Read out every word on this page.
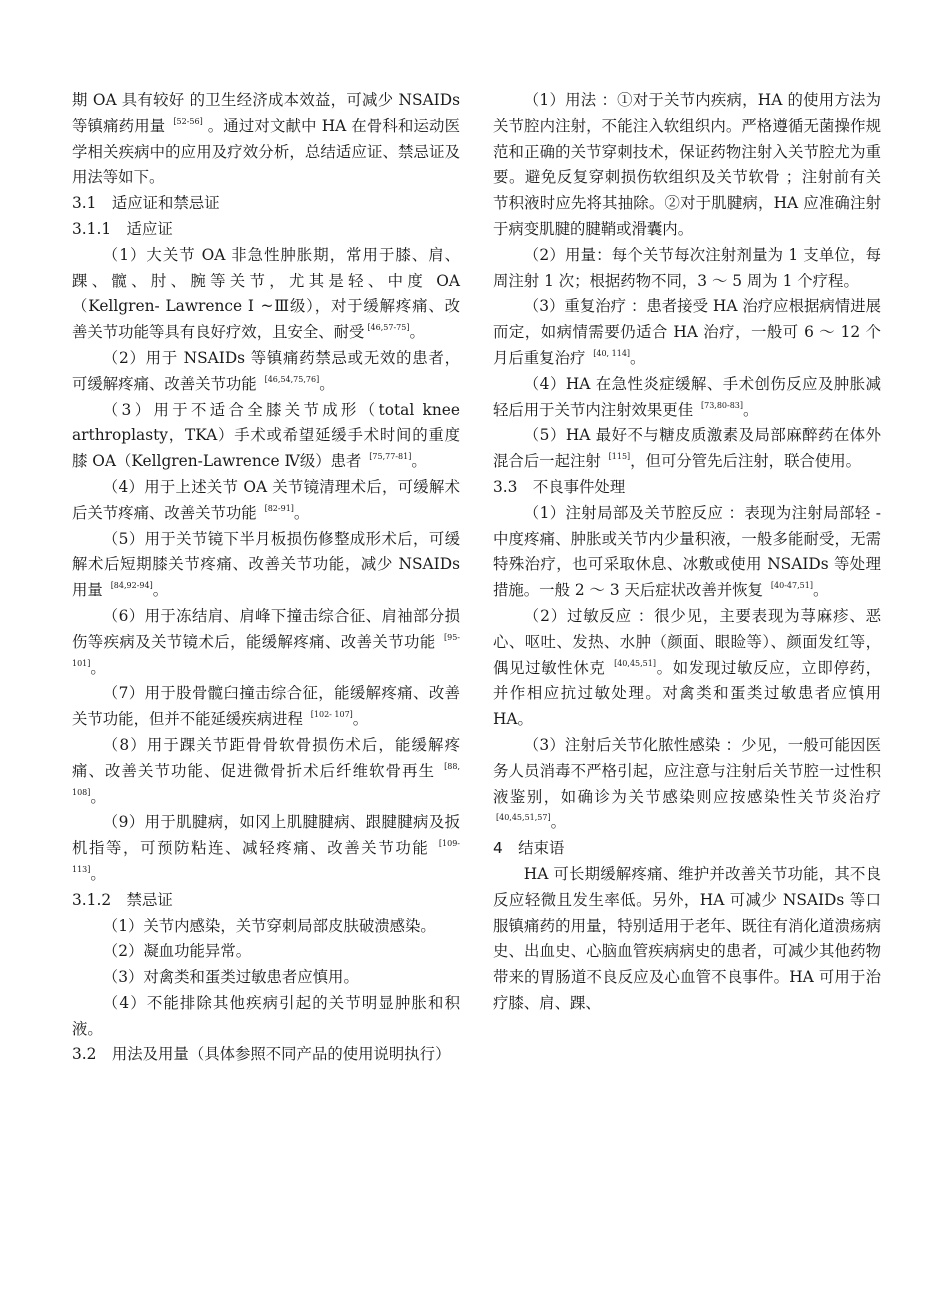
期 OA 具有较好 的卫生经济成本效益，可减少 NSAIDs 等镇痛药用量 [52-56] 。通过对文献中 HA 在骨科和运动医学相关疾病中的应用及疗效分析，总结适应证、禁忌证及用法等如下。

3.1　适应证和禁忌证

3.1.1　适应证

（1）大关节 OA 非急性肿胀期，常用于膝、肩、踝、髋、肘、腕等关节，尤其是轻、中度 OA（Kellgren- Lawrence Ⅰ ~Ⅲ级），对于缓解疼痛、改善关节功能等具有良好疗效，且安全、耐受 [46,57-75]。

（2）用于 NSAIDs 等镇痛药禁忌或无效的患者，可缓解疼痛、改善关节功能 [46,54,75,76]。

（3）用于不适合全膝关节成形（total knee arthroplasty，TKA）手术或希望延缓手术时间的重度膝 OA（Kellgren-Lawrence Ⅳ级）患者 [75,77-81]。

（4）用于上述关节 OA 关节镜清理术后，可缓解术后关节疼痛、改善关节功能 [82-91]。

（5）用于关节镜下半月板损伤修整成形术后，可缓解术后短期膝关节疼痛、改善关节功能，减少 NSAIDs 用量 [84,92-94]。

（6）用于冻结肩、肩峰下撞击综合征、肩袖部分损伤等疾病及关节镜术后，能缓解疼痛、改善关节功能 [95- 101]。

（7）用于股骨髋臼撞击综合征，能缓解疼痛、改善关节功能，但并不能延缓疾病进程 [102- 107]。

（8）用于踝关节距骨骨软骨损伤术后，能缓解疼痛、改善关节功能、促进微骨折术后纤维软骨再生 [88, 108]。

（9）用于肌腱病，如冈上肌腱腱病、跟腱腱病及扳机指等，可预防粘连、减轻疼痛、改善关节功能 [109- 113]。

3.1.2　禁忌证

（1）关节内感染，关节穿刺局部皮肤破溃感染。

（2）凝血功能异常。

（3）对禽类和蛋类过敏患者应慎用。

（4）不能排除其他疾病引起的关节明显肿胀和积液。

3.2　用法及用量（具体参照不同产品的使用说明执行）

（1）用法 ：①对于关节内疾病，HA 的使用方法为关节腔内注射，不能注入软组织内。严格遵循无菌操作规范和正确的关节穿刺技术，保证药物注射入关节腔尤为重要。避免反复穿刺损伤软组织及关节软骨 ；注射前有关节积液时应先将其抽除。②对于肌腱病，HA 应准确注射于病变肌腱的腱鞘或滑囊内。

（2）用量：每个关节每次注射剂量为 1 支单位，每周注射 1 次；根据药物不同，3 ～ 5 周为 1 个疗程。

（3）重复治疗 ：患者接受 HA 治疗应根据病情进展而定，如病情需要仍适合 HA 治疗，一般可 6 ～ 12 个月后重复治疗 [40, 114]。

（4）HA 在急性炎症缓解、手术创伤反应及肿胀减轻后用于关节内注射效果更佳 [73,80-83]。

（5）HA 最好不与糖皮质激素及局部麻醉药在体外混合后一起注射 [115]，但可分管先后注射，联合使用。

3.3　不良事件处理

（1）注射局部及关节腔反应 ：表现为注射局部轻 - 中度疼痛、肿胀或关节内少量积液，一般多能耐受，无需特殊治疗，也可采取休息、冰敷或使用 NSAIDs 等处理措施。一般 2 ～ 3 天后症状改善并恢复 [40-47,51]。

（2）过敏反应 ：很少见，主要表现为荨麻疹、恶心、呕吐、发热、水肿（颜面、眼睑等）、颜面发红等，偶见过敏性休克 [40,45,51]。如发现过敏反应，立即停药，并作相应抗过敏处理。对禽类和蛋类过敏患者应慎用 HA。

（3）注射后关节化脓性感染 ：少见，一般可能因医务人员消毒不严格引起，应注意与注射后关节腔一过性积液鉴别，如确诊为关节感染则应按感染性关节炎治疗 [40,45,51,57]。

4　结束语

HA 可长期缓解疼痛、维护并改善关节功能，其不良反应轻微且发生率低。另外，HA 可减少 NSAIDs 等口服镇痛药的用量，特别适用于老年、既往有消化道溃疡病史、出血史、心脑血管疾病病史的患者，可减少其他药物带来的胃肠道不良反应及心血管不良事件。HA 可用于治疗膝、肩、踝、
